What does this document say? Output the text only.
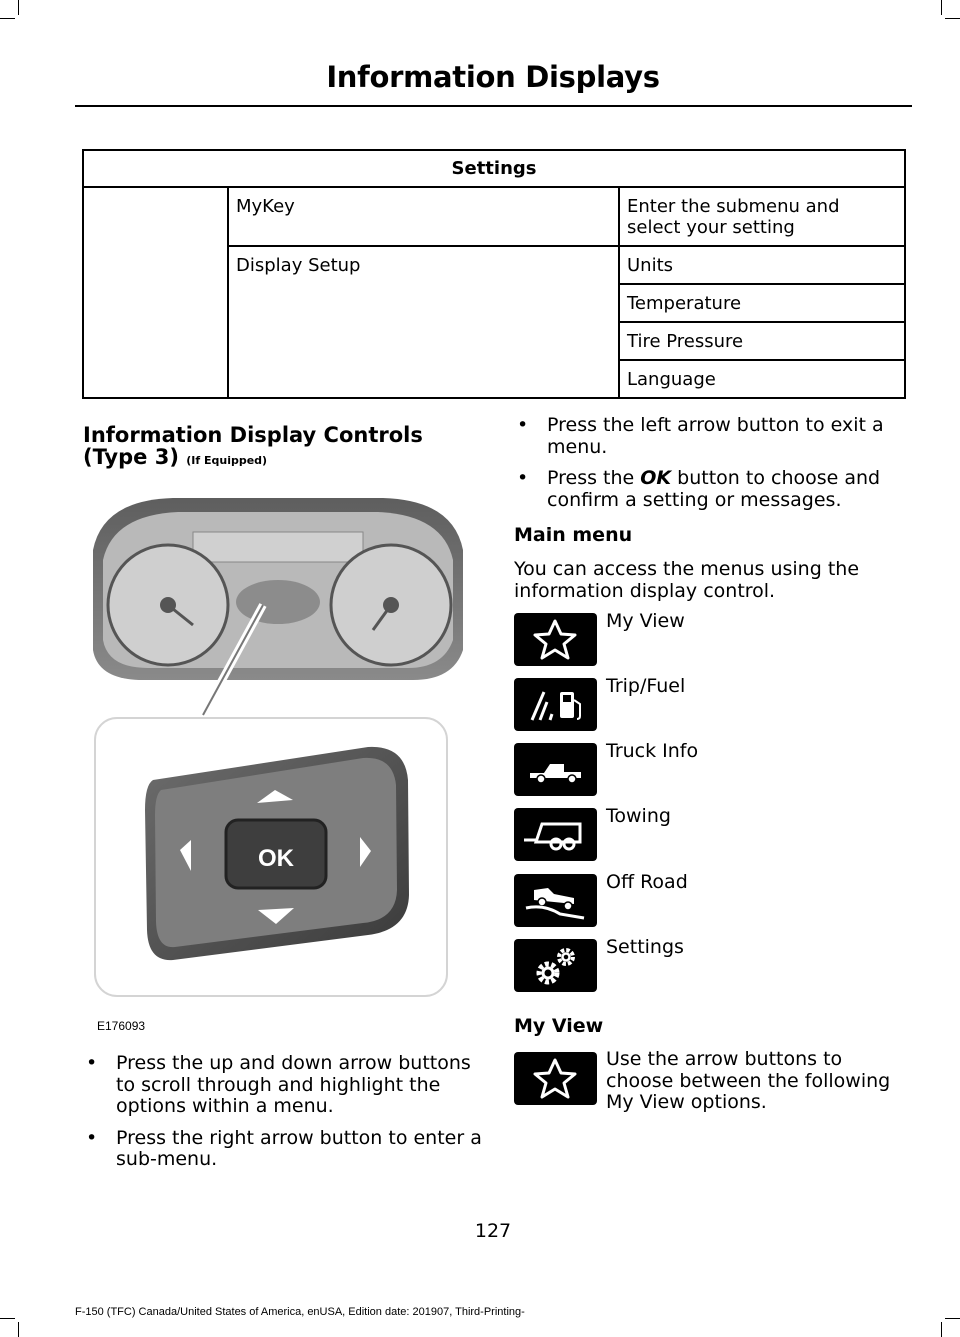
Information Displays
Settings		
	MyKey	Enter the submenu and select your setting
	Display Setup	Units
		Temperature
		Tire Pressure
		Language
Information Display Controls
(Type 3) (If Equipped)
OK
E176093
• Press the up and down arrow buttons to scroll through and highlight the options within a menu.
• Press the right arrow button to enter a sub-menu.
• Press the left arrow button to exit a menu.
• Press the OK button to choose and confirm a setting or messages.
Main menu
You can access the menus using the information display control.
My View
Trip/Fuel
Truck Info
Towing
Off Road
Settings
My View
Use the arrow buttons to choose between the following My View options.
127
F-150 (TFC) Canada/United States of America, enUSA, Edition date: 201907, Third-Printing-
